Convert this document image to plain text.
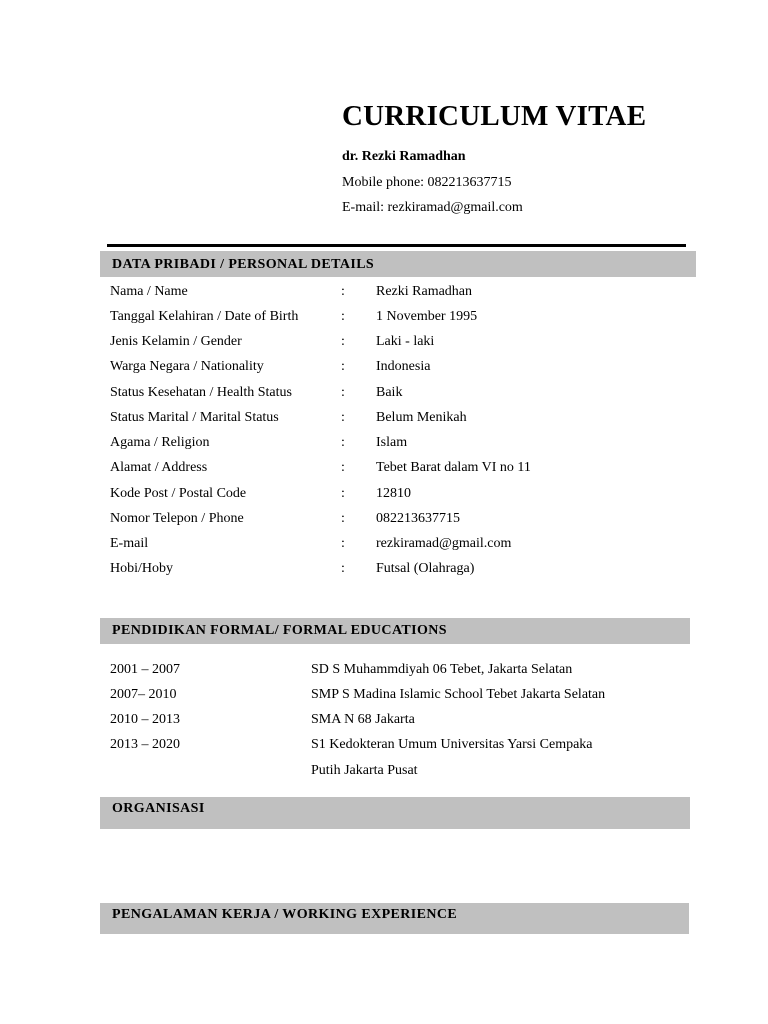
CURRICULUM VITAE
dr. Rezki Ramadhan
Mobile phone: 082213637715
E-mail: rezkiramad@gmail.com
DATA PRIBADI / PERSONAL DETAILS
Nama / Name	: Rezki Ramadhan
Tanggal Kelahiran / Date of Birth	: 1 November 1995
Jenis Kelamin / Gender	: Laki - laki
Warga Negara / Nationality	: Indonesia
Status Kesehatan / Health Status	: Baik
Status Marital / Marital Status	: Belum Menikah
Agama / Religion	: Islam
Alamat / Address	: Tebet Barat dalam VI no 11
Kode Post / Postal Code	: 12810
Nomor Telepon / Phone	: 082213637715
E-mail	: rezkiramad@gmail.com
Hobi/Hoby	: Futsal (Olahraga)
PENDIDIKAN FORMAL/ FORMAL EDUCATIONS
2001 – 2007	SD S Muhammdiyah 06 Tebet, Jakarta Selatan
2007– 2010	SMP S Madina Islamic School Tebet Jakarta Selatan
2010 – 2013	SMA N 68 Jakarta
2013 – 2020	S1 Kedokteran Umum Universitas Yarsi Cempaka
Putih Jakarta Pusat
ORGANISASI
PENGALAMAN KERJA / WORKING EXPERIENCE
